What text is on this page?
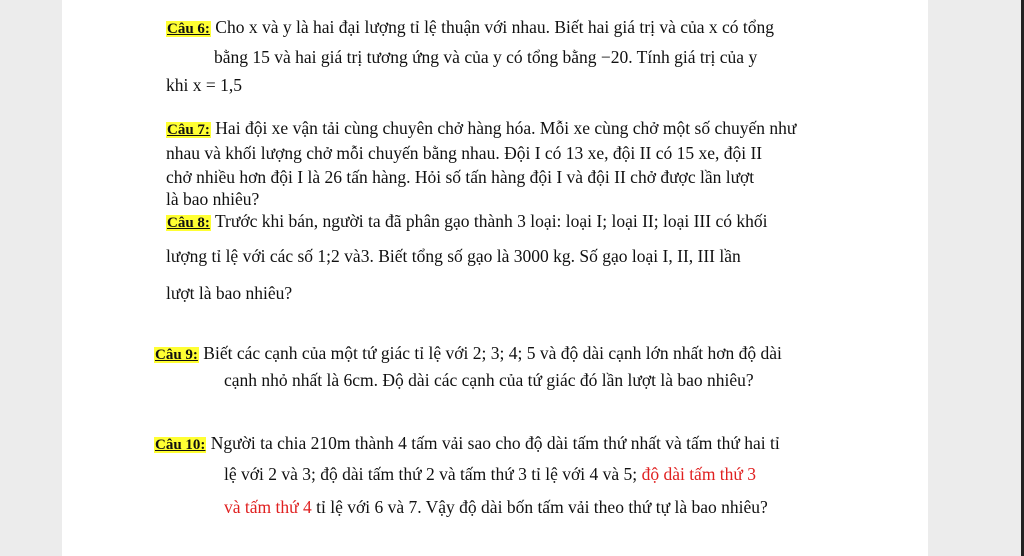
Câu 6: Cho x và y là hai đại lượng tỉ lệ thuận với nhau. Biết hai giá trị và của x có tổng
bằng 15 và hai giá trị tương ứng và của y có tổng bằng −20. Tính giá trị của y
khi x = 1,5
Câu 7: Hai đội xe vận tải cùng chuyên chở hàng hóa. Mỗi xe cùng chở một số chuyến như
nhau và khối lượng chở mỗi chuyến bằng nhau. Đội I có 13 xe, đội II có 15 xe, đội II
chở nhiều hơn đội I là 26 tấn hàng. Hỏi số tấn hàng đội I và đội II chở được lần lượt
là bao nhiêu?
Câu 8: Trước khi bán, người ta đã phân gạo thành 3 loại: loại I; loại II; loại III có khối
lượng tỉ lệ với các số 1;2 và3. Biết tổng số gạo là 3000 kg. Số gạo loại I, II, III lần
lượt là bao nhiêu?
Câu 9: Biết các cạnh của một tứ giác tỉ lệ với 2; 3; 4; 5 và độ dài cạnh lớn nhất hơn độ dài
cạnh nhỏ nhất là 6cm. Độ dài các cạnh của tứ giác đó lần lượt là bao nhiêu?
Câu 10: Người ta chia 210m thành 4 tấm vải sao cho độ dài tấm thứ nhất và tấm thứ hai tỉ
lệ với 2 và 3; độ dài tấm thứ 2 và tấm thứ 3 tỉ lệ với 4 và 5; độ dài tấm thứ 3
và tấm thứ 4 tỉ lệ với 6 và 7. Vậy độ dài bốn tấm vải theo thứ tự là bao nhiêu?
